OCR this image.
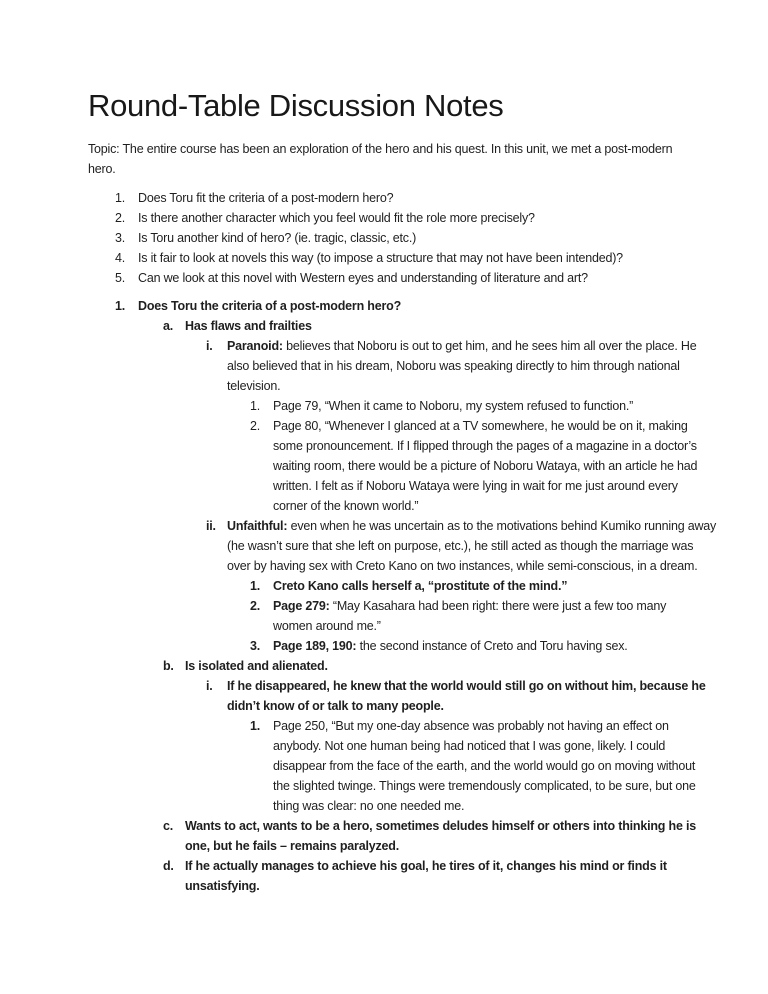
Round-Table Discussion Notes

Topic: The entire course has been an exploration of the hero and his quest. In this unit, we met a post-modern hero.

1.	Does Toru fit the criteria of a post-modern hero?
2.	Is there another character which you feel would fit the role more precisely?
3.	Is Toru another kind of hero? (ie. tragic, classic, etc.)
4.	Is it fair to look at novels this way (to impose a structure that may not have been intended)?
5.	Can we look at this novel with Western eyes and understanding of literature and art?
1.	Does Toru the criteria of a post-modern hero?
a. Has flaws and frailties
i.	Paranoid: believes that Noboru is out to get him, and he sees him all over the place. He also believed that in his dream, Noboru was speaking directly to him through national television.
1.	Page 79, “When it came to Noboru, my system refused to function.”
2.	Page 80, “Whenever I glanced at a TV somewhere, he would be on it, making some pronouncement. If I flipped through the pages of a magazine in a doctor’s waiting room, there would be a picture of Noboru Wataya, with an article he had written. I felt as if Noboru Wataya were lying in wait for me just around every corner of the known world.”
ii. Unfaithful: even when he was uncertain as to the motivations behind Kumiko running away (he wasn’t sure that she left on purpose, etc.), he still acted as though the marriage was over by having sex with Creto Kano on two instances, while semi-conscious, in a dream.
1.	Creto Kano calls herself a, “prostitute of the mind.”
2.	Page 279: “May Kasahara had been right: there were just a few too many women around me.”
3.	Page 189, 190: the second instance of Creto and Toru having sex.
b. Is isolated and alienated.
i.	If he disappeared, he knew that the world would still go on without him, because he didn’t know of or talk to many people.
1.	Page 250, “But my one-day absence was probably not having an effect on anybody. Not one human being had noticed that I was gone, likely. I could disappear from the face of the earth, and the world would go on moving without the slighted twinge. Things were tremendously complicated, to be sure, but one thing was clear: no one needed me.
c. Wants to act, wants to be a hero, sometimes deludes himself or others into thinking he is one, but he fails – remains paralyzed.
d. If he actually manages to achieve his goal, he tires of it, changes his mind or finds it unsatisfying.
